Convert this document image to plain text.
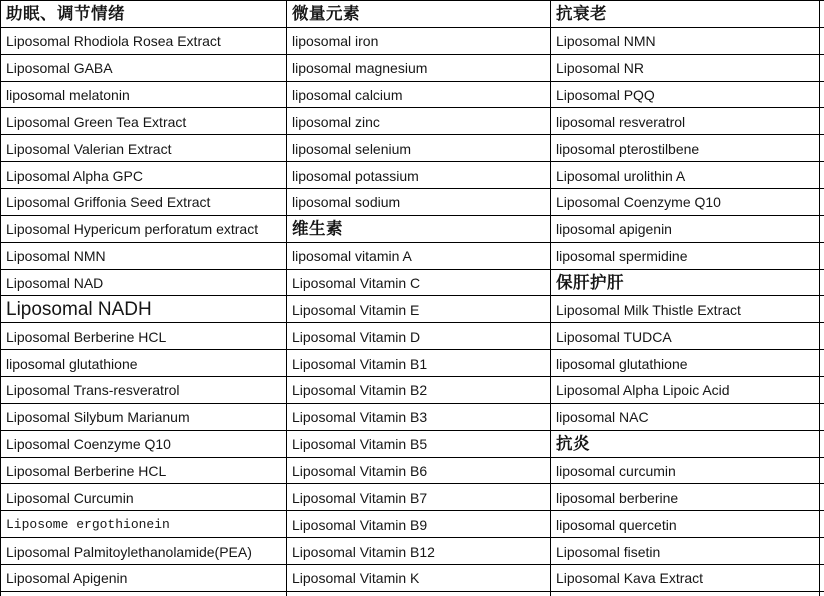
助眠、调节情绪	微量元素	抗衰老
Liposomal Rhodiola Rosea Extract	liposomal iron	Liposomal NMN
Liposomal GABA	liposomal magnesium	Liposomal NR
liposomal melatonin	liposomal calcium	Liposomal PQQ
Liposomal Green Tea Extract	liposomal zinc	liposomal resveratrol
Liposomal Valerian Extract	liposomal selenium	liposomal pterostilbene
Liposomal Alpha GPC	liposomal potassium	Liposomal urolithin A
Liposomal Griffonia Seed Extract	liposomal sodium	Liposomal Coenzyme Q10
Liposomal Hypericum perforatum extract	维生素	liposomal apigenin
Liposomal NMN	liposomal vitamin A	liposomal spermidine
Liposomal NAD	Liposomal Vitamin C	保肝护肝
Liposomal NADH	Liposomal Vitamin E	Liposomal Milk Thistle Extract
Liposomal Berberine HCL	Liposomal Vitamin D	Liposomal TUDCA
liposomal glutathione	Liposomal Vitamin B1	liposomal glutathione
Liposomal Trans-resveratrol	Liposomal Vitamin B2	Liposomal Alpha Lipoic Acid
Liposomal Silybum Marianum	Liposomal Vitamin B3	liposomal NAC
Liposomal Coenzyme Q10	Liposomal Vitamin B5	抗炎
Liposomal Berberine HCL	Liposomal Vitamin B6	liposomal curcumin
Liposomal Curcumin	Liposomal Vitamin B7	liposomal berberine
Liposome ergothionein	Liposomal Vitamin B9	liposomal quercetin
Liposomal Palmitoylethanolamide(PEA)	Liposomal Vitamin B12	Liposomal fisetin
Liposomal Apigenin	Liposomal Vitamin K	Liposomal Kava Extract
